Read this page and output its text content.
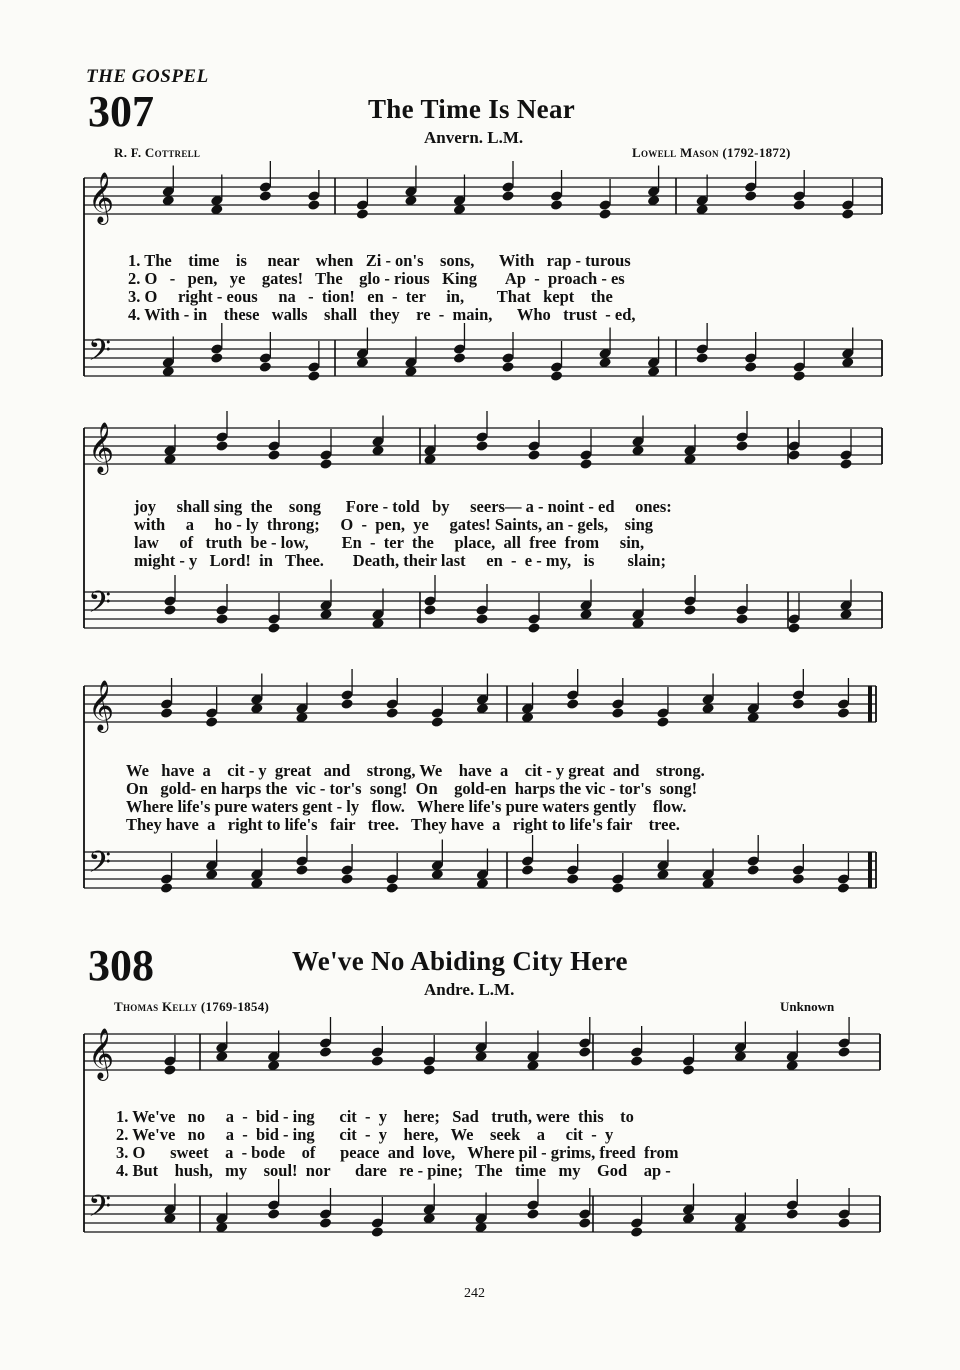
THE GOSPEL
307	The Time Is Near
Anvern. L.M.
R. F. Cottrell	Lowell Mason (1792-1872)
1. The    time    is     near    when   Zi - on's    sons,      With   rap - turous
2. O   -   pen,   ye    gates!   The    glo - rious   King       Ap  -  proach - es
3. O     right - eous     na   -  tion!   en  -  ter     in,        That   kept    the
4. With - in    these   walls    shall   they    re  -  main,      Who   trust  - ed,
joy     shall sing  the    song      Fore - told   by     seers— a - noint - ed     ones:
with     a     ho - ly  throng;     O  -  pen,  ye     gates! Saints, an - gels,    sing
law     of   truth  be - low,        En  -  ter  the     place,  all  free  from     sin,
might - y   Lord!  in   Thee.       Death, their last     en  -  e - my,   is        slain;
We   have  a    cit - y  great   and    strong, We    have  a    cit - y great  and    strong.
On   gold- en harps the  vic - tor's  song!  On    gold-en  harps the vic - tor's  song!
Where life's pure waters gent - ly   flow.   Where life's pure waters gently    flow.
They have  a   right to life's   fair   tree.   They have  a   right to life's fair    tree.
308	We've No Abiding City Here
Andre. L.M.
Thomas Kelly (1769-1854)	Unknown
1. We've   no     a  -  bid - ing      cit  -  y    here;   Sad   truth, were  this    to
2. We've   no     a  -  bid - ing      cit  -  y    here,   We    seek    a     cit  -  y
3. O      sweet    a  - bode    of      peace  and  love,   Where pil - grims, freed  from
4. But    hush,   my    soul!  nor      dare   re - pine;   The   time   my    God    ap -
242
𝄞
𝄢
𝄞
𝄢
𝄞
𝄢
𝄞
𝄢
